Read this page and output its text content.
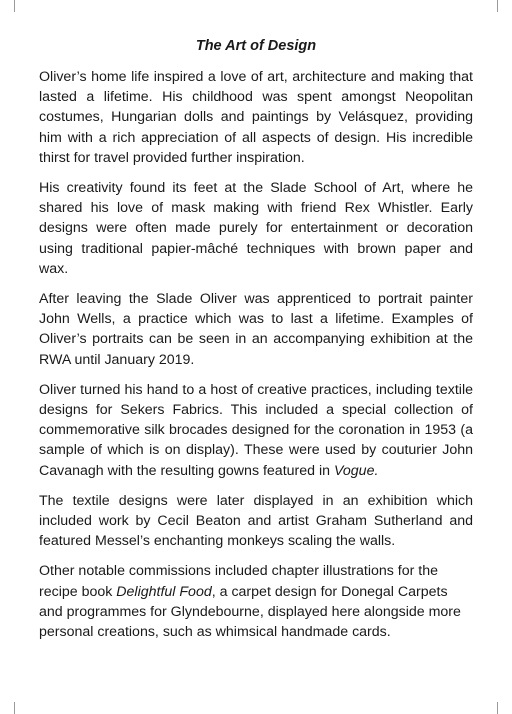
The Art of Design

Oliver’s home life inspired a love of art, architecture and making that lasted a lifetime. His childhood was spent amongst Neopolitan costumes, Hungarian dolls and paintings by Velásquez, providing him with a rich appreciation of all aspects of design. His incredible thirst for travel provided further inspiration.

His creativity found its feet at the Slade School of Art, where he shared his love of mask making with friend Rex Whistler. Early designs were often made purely for entertainment or decoration using traditional papier-mâché techniques with brown paper and wax.

After leaving the Slade Oliver was apprenticed to portrait painter John Wells, a practice which was to last a lifetime. Examples of Oliver’s portraits can be seen in an accompanying exhibition at the RWA until January 2019.

Oliver turned his hand to a host of creative practices, including textile designs for Sekers Fabrics. This included a special collection of commemorative silk brocades designed for the coronation in 1953 (a sample of which is on display). These were used by couturier John Cavanagh with the resulting gowns featured in Vogue.

The textile designs were later displayed in an exhibition which included work by Cecil Beaton and artist Graham Sutherland and featured Messel’s enchanting monkeys scaling the walls.

Other notable commissions included chapter illustrations for the recipe book Delightful Food, a carpet design for Donegal Carpets and programmes for Glyndebourne, displayed here alongside more personal creations, such as whimsical handmade cards.
